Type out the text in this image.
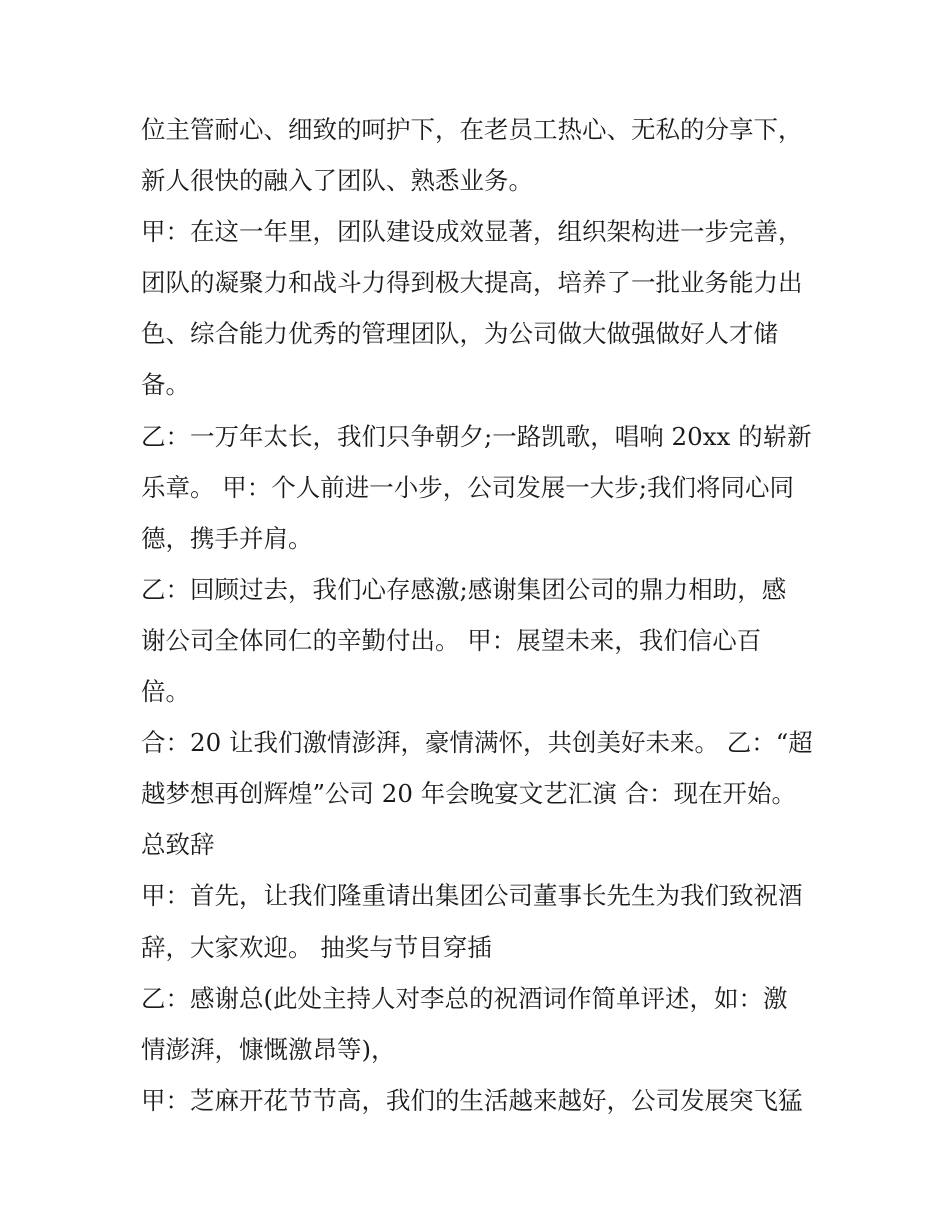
位主管耐心、细致的呵护下，在老员工热心、无私的分享下，
新人很快的融入了团队、熟悉业务。
甲：在这一年里，团队建设成效显著，组织架构进一步完善，
团队的凝聚力和战斗力得到极大提高，培养了一批业务能力出
色、综合能力优秀的管理团队，为公司做大做强做好人才储
备。
乙：一万年太长，我们只争朝夕;一路凯歌，唱响 20xx 的崭新
乐章。 甲：个人前进一小步，公司发展一大步;我们将同心同
德，携手并肩。
乙：回顾过去，我们心存感激;感谢集团公司的鼎力相助，感
谢公司全体同仁的辛勤付出。 甲：展望未来，我们信心百
倍。
合：20 让我们激情澎湃，豪情满怀，共创美好未来。 乙：“超
越梦想再创辉煌”公司 20 年会晚宴文艺汇演 合：现在开始。
总致辞
甲：首先，让我们隆重请出集团公司董事长先生为我们致祝酒
辞，大家欢迎。 抽奖与节目穿插
乙：感谢总(此处主持人对李总的祝酒词作简单评述，如：激
情澎湃，慷慨激昂等)，
甲：芝麻开花节节高，我们的生活越来越好，公司发展突飞猛
